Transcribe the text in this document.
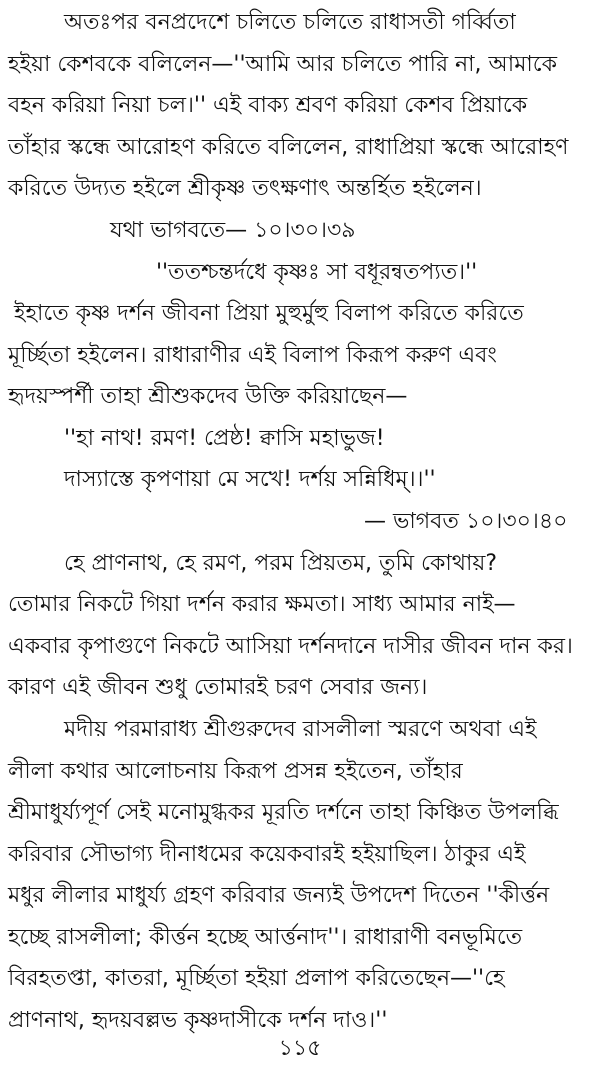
অতঃপর বনপ্রদেশে চলিতে চলিতে রাধাসতী গর্ব্বিতা
হইয়া কেশবকে বলিলেন—''আমি আর চলিতে পারি না, আমাকে
বহন করিয়া নিয়া চল।'' এই বাক্য শ্রবণ করিয়া কেশব প্রিয়াকে
তাঁহার স্কন্ধে আরোহণ করিতে বলিলেন, রাধাপ্রিয়া স্কন্ধে আরোহণ
করিতে উদ্যত হইলে শ্রীকৃষ্ণ তৎক্ষণাৎ অন্তর্হিত হইলেন।
যথা ভাগবতে— ১০।৩০।৩৯
''ততশ্চন্তর্দধে কৃষ্ণঃ সা বধূরন্বতপ্যত।''
ইহাতে কৃষ্ণ দর্শন জীবনা প্রিয়া মুহুর্মুহু বিলাপ করিতে করিতে
মূর্চ্ছিতা হইলেন। রাধারাণীর এই বিলাপ কিরূপ করুণ এবং
হৃদয়স্পর্শী তাহা শ্রীশুকদেব উক্তি করিয়াছেন—
''হা নাথ! রমণ! প্রেষ্ঠ! ক্বাসি মহাভুজ!
দাস্যাস্তে কৃপণায়া মে সখে! দর্শয় সন্নিধিম্।।''
— ভাগবত ১০।৩০।৪০
হে প্রাণনাথ, হে রমণ, পরম প্রিয়তম, তুমি কোথায়?
তোমার নিকটে গিয়া দর্শন করার ক্ষমতা। সাধ্য আমার নাই—
একবার কৃপাগুণে নিকটে আসিয়া দর্শনদানে দাসীর জীবন দান কর।
কারণ এই জীবন শুধু তোমারই চরণ সেবার জন্য।
মদীয় পরমারাধ্য শ্রীগুরুদেব রাসলীলা স্মরণে অথবা এই
লীলা কথার আলোচনায় কিরূপ প্রসন্ন হইতেন, তাঁহার
শ্রীমাধুর্য্যপূর্ণ সেই মনোমুগ্ধকর মূরতি দর্শনে তাহা কিঞ্চিত উপলব্ধি
করিবার সৌভাগ্য দীনাধমের কয়েকবারই হইয়াছিল। ঠাকুর এই
মধুর লীলার মাধুর্য্য গ্রহণ করিবার জন্যই উপদেশ দিতেন ''কীর্ত্তন
হচ্ছে রাসলীলা; কীর্ত্তন হচ্ছে আর্ত্তনাদ''। রাধারাণী বনভূমিতে
বিরহতপ্তা, কাতরা, মূর্চ্ছিতা হইয়া প্রলাপ করিতেছেন—''হে
প্রাণনাথ, হৃদয়বল্লভ কৃষ্ণদাসীকে দর্শন দাও।''
১১৫
